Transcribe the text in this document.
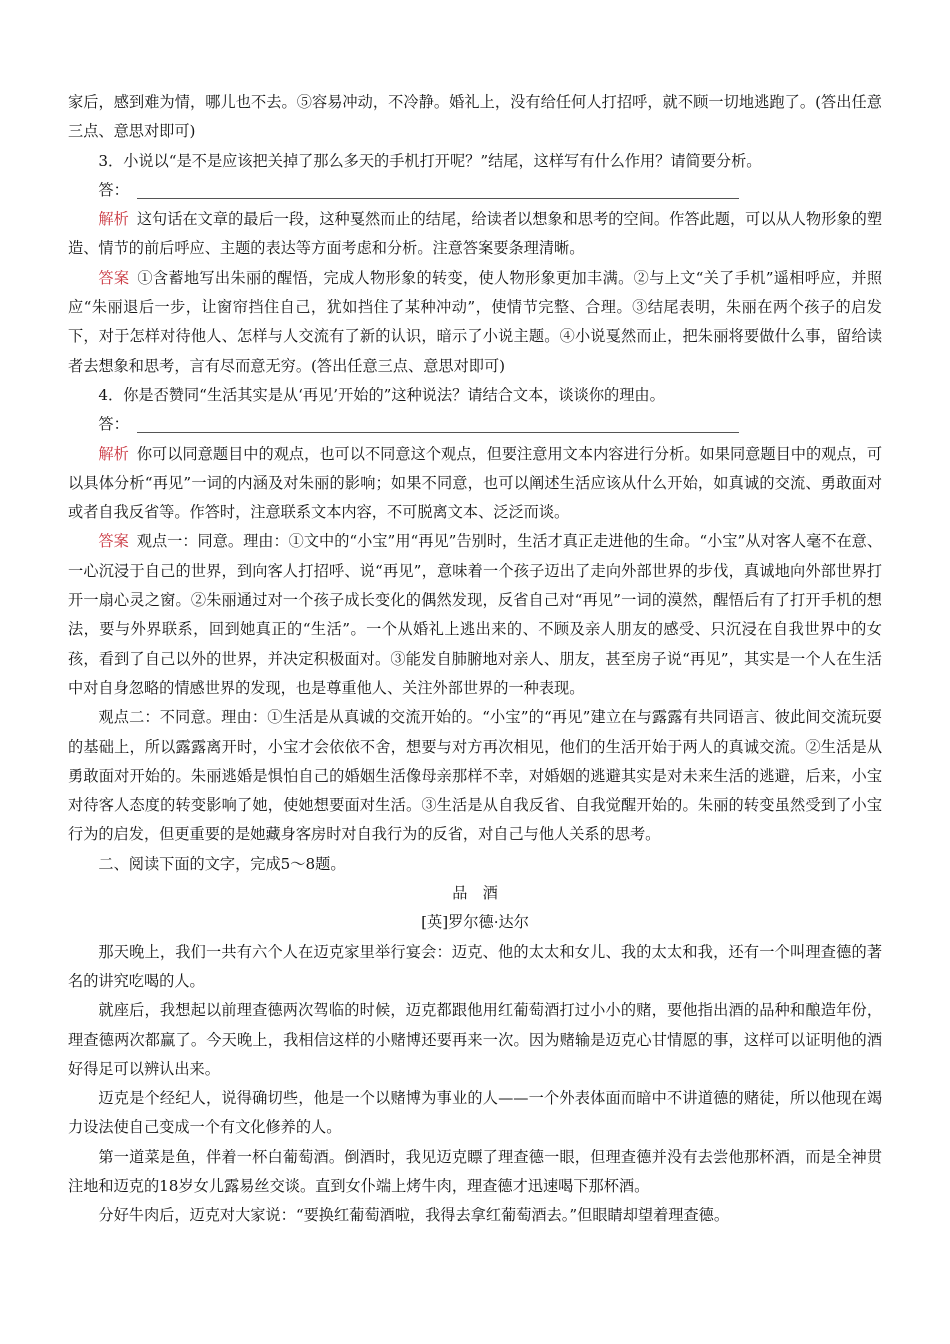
家后，感到难为情，哪儿也不去。⑤容易冲动，不冷静。婚礼上，没有给任何人打招呼，就不顾一切地逃跑了。(答出任意三点、意思对即可)

3．小说以“是不是应该把关掉了那么多天的手机打开呢？”结尾，这样写有什么作用？请简要分析。

答：

解析 这句话在文章的最后一段，这种戛然而止的结尾，给读者以想象和思考的空间。作答此题，可以从人物形象的塑造、情节的前后呼应、主题的表达等方面考虑和分析。注意答案要条理清晰。

答案 ①含蓄地写出朱丽的醒悟，完成人物形象的转变，使人物形象更加丰满。②与上文“关了手机”遥相呼应，并照应“朱丽退后一步，让窗帘挡住自己，犹如挡住了某种冲动”，使情节完整、合理。③结尾表明，朱丽在两个孩子的启发下，对于怎样对待他人、怎样与人交流有了新的认识，暗示了小说主题。④小说戛然而止，把朱丽将要做什么事，留给读者去想象和思考，言有尽而意无穷。(答出任意三点、意思对即可)

4．你是否赞同“生活其实是从‘再见’开始的”这种说法？请结合文本，谈谈你的理由。

答：

解析 你可以同意题目中的观点，也可以不同意这个观点，但要注意用文本内容进行分析。如果同意题目中的观点，可以具体分析“再见”一词的内涵及对朱丽的影响；如果不同意，也可以阐述生活应该从什么开始，如真诚的交流、勇敢面对或者自我反省等。作答时，注意联系文本内容，不可脱离文本、泛泛而谈。

答案 观点一：同意。理由：①文中的“小宝”用“再见”告别时，生活才真正走进他的生命。“小宝”从对客人毫不在意、一心沉浸于自己的世界，到向客人打招呼、说“再见”，意味着一个孩子迈出了走向外部世界的步伐，真诚地向外部世界打开一扇心灵之窗。②朱丽通过对一个孩子成长变化的偶然发现，反省自己对“再见”一词的漠然，醒悟后有了打开手机的想法，要与外界联系，回到她真正的“生活”。一个从婚礼上逃出来的、不顾及亲人朋友的感受、只沉浸在自我世界中的女孩，看到了自己以外的世界，并决定积极面对。③能发自肺腑地对亲人、朋友，甚至房子说“再见”，其实是一个人在生活中对自身忽略的情感世界的发现，也是尊重他人、关注外部世界的一种表现。

观点二：不同意。理由：①生活是从真诚的交流开始的。“小宝”的“再见”建立在与露露有共同语言、彼此间交流玩耍的基础上，所以露露离开时，小宝才会依依不舍，想要与对方再次相见，他们的生活开始于两人的真诚交流。②生活是从勇敢面对开始的。朱丽逃婚是惧怕自己的婚姻生活像母亲那样不幸，对婚姻的逃避其实是对未来生活的逃避，后来，小宝对待客人态度的转变影响了她，使她想要面对生活。③生活是从自我反省、自我觉醒开始的。朱丽的转变虽然受到了小宝行为的启发，但更重要的是她藏身客房时对自我行为的反省，对自己与他人关系的思考。

二、阅读下面的文字，完成5～8题。

品　酒

[英]罗尔德·达尔

那天晚上，我们一共有六个人在迈克家里举行宴会：迈克、他的太太和女儿、我的太太和我，还有一个叫理查德的著名的讲究吃喝的人。

就座后，我想起以前理查德两次驾临的时候，迈克都跟他用红葡萄酒打过小小的赌，要他指出酒的品种和酿造年份，理查德两次都赢了。今天晚上，我相信这样的小赌博还要再来一次。因为赌输是迈克心甘情愿的事，这样可以证明他的酒好得足可以辨认出来。

迈克是个经纪人，说得确切些，他是一个以赌博为事业的人——一个外表体面而暗中不讲道德的赌徒，所以他现在竭力设法使自己变成一个有文化修养的人。

第一道菜是鱼，伴着一杯白葡萄酒。倒酒时，我见迈克瞟了理查德一眼，但理查德并没有去尝他那杯酒，而是全神贯注地和迈克的18岁女儿露易丝交谈。直到女仆端上烤牛肉，理查德才迅速喝下那杯酒。

分好牛肉后，迈克对大家说：“要换红葡萄酒啦，我得去拿红葡萄酒去。”但眼睛却望着理查德。
